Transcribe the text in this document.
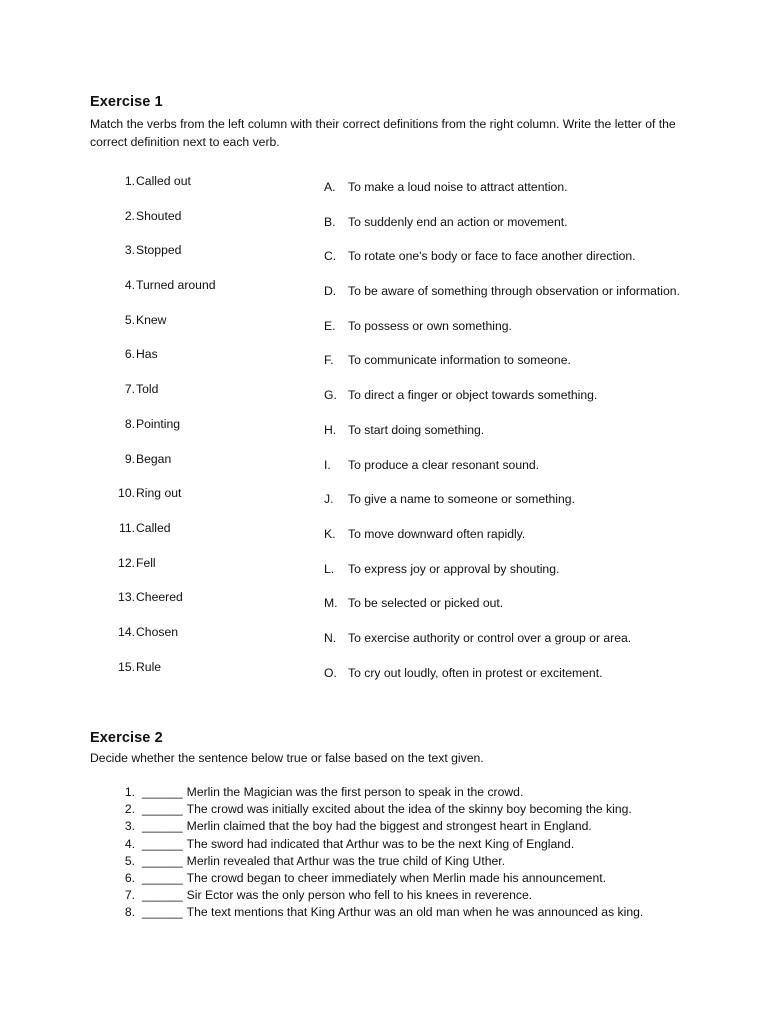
Exercise 1
Match the verbs from the left column with their correct definitions from the right column. Write the letter of the correct definition next to each verb.
1.Called out
2.Shouted
3.Stopped
4.Turned around
5.Knew
6.Has
7.Told
8.Pointing
9.Began
10.Ring out
11.Called
12.Fell
13.Cheered
14.Chosen
15.Rule
A. To make a loud noise to attract attention.
B. To suddenly end an action or movement.
C. To rotate one's body or face to face another direction.
D. To be aware of something through observation or information.
E. To possess or own something.
F. To communicate information to someone.
G. To direct a finger or object towards something.
H. To start doing something.
I. To produce a clear resonant sound.
J. To give a name to someone or something.
K. To move downward often rapidly.
L. To express joy or approval by shouting.
M. To be selected or picked out.
N. To exercise authority or control over a group or area.
O. To cry out loudly, often in protest or excitement.
Exercise 2
Decide whether the sentence below true or false based on the text given.
1. ______ Merlin the Magician was the first person to speak in the crowd.
2. ______ The crowd was initially excited about the idea of the skinny boy becoming the king.
3. ______ Merlin claimed that the boy had the biggest and strongest heart in England.
4. ______ The sword had indicated that Arthur was to be the next King of England.
5. ______ Merlin revealed that Arthur was the true child of King Uther.
6. ______ The crowd began to cheer immediately when Merlin made his announcement.
7. ______ Sir Ector was the only person who fell to his knees in reverence.
8. ______ The text mentions that King Arthur was an old man when he was announced as king.
